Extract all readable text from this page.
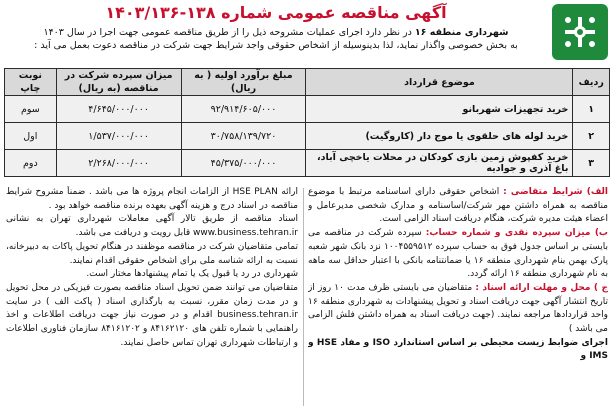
آگهی مناقصه عمومی شماره ۱۳۸-۱۴۰۳/۱۳۶
شهرداری منطقه ۱۶ در نظر دارد اجرای عملیات مشروحه ذیل را از طریق مناقصه عمومی جهت اجرا در سال ۱۴۰۳
به بخش خصوصی واگذار نماید، لذا بدینوسیله از اشخاص حقوقی واجد شرایط جهت شرکت در مناقصه دعوت بعمل می آید :
ردیف	موضوع قرارداد	مبلغ برآورد اولیه ( به ریال)	میزان سپرده شرکت در مناقصه (به ریال)	نوبت چاپ
۱	خرید تجهیزات شهربانو	۹۲/۹۱۴/۶۰۵/۰۰۰	۴/۶۴۵/۰۰۰/۰۰۰	سوم
۲	خرید لوله های حلقوی یا موج دار (کاروگیت)	۳۰/۷۵۸/۱۳۹/۷۲۰	۱/۵۳۷/۰۰۰/۰۰۰	اول
۳	خرید کفپوش زمین بازی کودکان در محلات یاخچی آباد، باغ آذری و جواديه	۴۵/۳۷۵/۰۰۰/۰۰۰	۲/۲۶۸/۰۰۰/۰۰۰	دوم

الف) شرایط متقاضی : اشخاص حقوقی دارای اساسنامه مرتبط با موضوع مناقصه به همراه داشتن مهر شرکت/اساسنامه و مدارک شخصی مدیرعامل و اعضاء هیئت مدیره شرکت، هنگام دریافت اسناد الزامی است.

ب) میزان سپرده نقدی و شماره حساب: سپرده شرکت در مناقصه می بایستی بر اساس جدول فوق به حساب سپرده ۱۰۰۴۵۵۹۵۱۲ نزد بانک شهر شعبه پارک بهمن بنام شهرداری منطقه ۱۶ یا ضمانتنامه بانکی با اعتبار حداقل سه ماهه به نام شهرداری منطقه ۱۶ ارائه گردد.

ج ) محل و مهلت ارائه اسناد : متقاضیان می بایستی ظرف مدت ۱۰ روز از تاریخ انتشار آگهی جهت دریافت اسناد و تحویل پیشنهادات به شهرداری منطقه ۱۶ واحد قراردادها مراجعه نمایند. (جهت دریافت اسناد به همراه داشتن فلش الزامی می باشد )

اجرای ضوابط زیست محیطی بر اساس استاندارد ISO و مفاد HSE و IMS و

ارائه HSE PLAN از الزامات انجام پروژه ها می باشد . ضمناً مشروح شرایط مناقصه در اسناد درج و هزینه آگهی بعهده برنده مناقصه خواهد بود .

اسناد مناقصه از طریق تالار آگهی معاملات شهرداری تهران به نشانی www.business.tehran.ir قابل رویت و دریافت می باشد.

تمامی متقاضیان شرکت در مناقصه موظفند در هنگام تحویل پاکات به دبیرخانه، نسبت به ارائه شناسه ملی برای اشخاص حقوقی اقدام نمایند.

شهرداری در رد یا قبول یک یا تمام پیشنهادها مختار است.

متقاضیان می توانند ضمن تحویل اسناد مناقصه بصورت فیزیکی در محل تحویل و در مدت زمان مقرر، نسبت به بارگذاری اسناد ( پاکت الف ) در سایت business.tehran.ir اقدام و در صورت نیاز جهت دریافت اطلاعات و اخذ راهنمایی با شماره تلفن های ۸۴۱۶۲۱۲۰ و ۸۴۱۶۱۲۰۲ سازمان فناوری اطلاعات و ارتباطات شهرداری تهران تماس حاصل نمایند.
